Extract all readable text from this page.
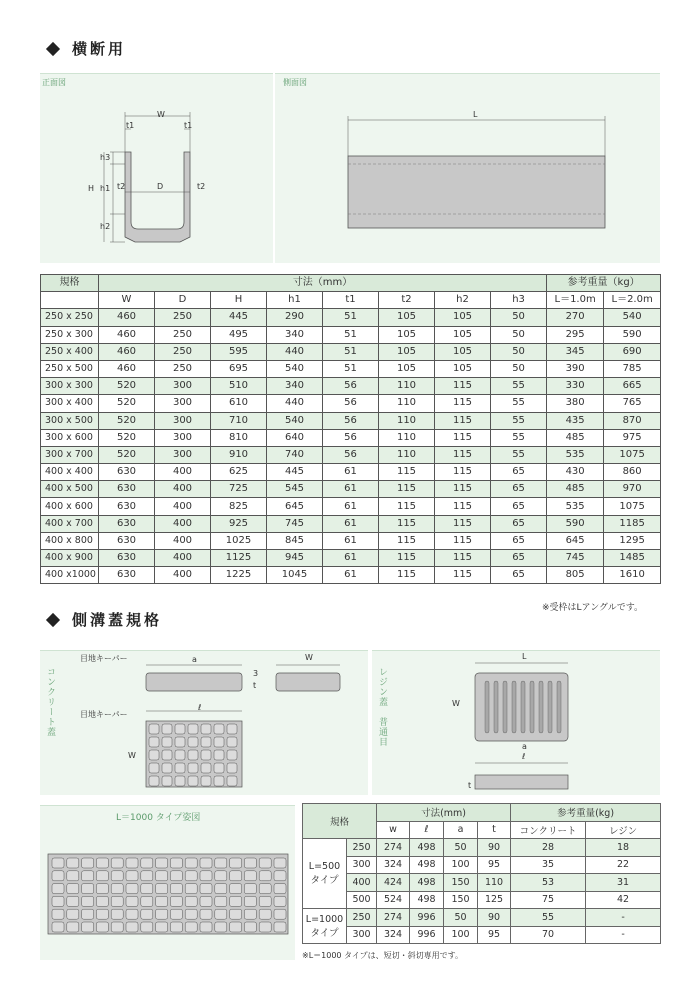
横断用
正面図
W
t1	t1
h3
H h1
h2
t2	t2
D
側面図
L
規格	寸法（mm）								参考重量（kg）	
	W	D	H	h1	t1	t2	h2	h3	L＝1.0m	L＝2.0m
250 x 250	460	250	445	290	51	105	105	50	270	540
250 x 300	460	250	495	340	51	105	105	50	295	590
250 x 400	460	250	595	440	51	105	105	50	345	690
250 x 500	460	250	695	540	51	105	105	50	390	785
300 x 300	520	300	510	340	56	110	115	55	330	665
300 x 400	520	300	610	440	56	110	115	55	380	765
300 x 500	520	300	710	540	56	110	115	55	435	870
300 x 600	520	300	810	640	56	110	115	55	485	975
300 x 700	520	300	910	740	56	110	115	55	535	1075
400 x 400	630	400	625	445	61	115	115	65	430	860
400 x 500	630	400	725	545	61	115	115	65	485	970
400 x 600	630	400	825	645	61	115	115	65	535	1075
400 x 700	630	400	925	745	61	115	115	65	590	1185
400 x 800	630	400	1025	845	61	115	115	65	645	1295
400 x 900	630	400	1125	945	61	115	115	65	745	1485
400 x1000	630	400	1225	1045	61	115	115	65	805	1610
※受枠はLアングルです。
側溝蓋規格
コンクリート蓋
目地キーパー
目地キーパー
a
3
t
W
ℓ
W
レジン蓋　普通目
L
W
a
ℓ
t
L＝1000 タイプ姿図	規格		寸法(mm)				参考重量(kg)	
		w	ℓ	a	t	コンクリート	レジン

L=500
タイプ	250	274	498	50	90	28	18
	300	324	498	100	95	35	22
	400	424	498	150	110	53	31
	500	524	498	150	125	75	42

L=1000
タイプ	250	274	996	50	90	55	-
	300	324	996	100	95	70	-
※L＝1000 タイプは、短切・斜切専用です。
